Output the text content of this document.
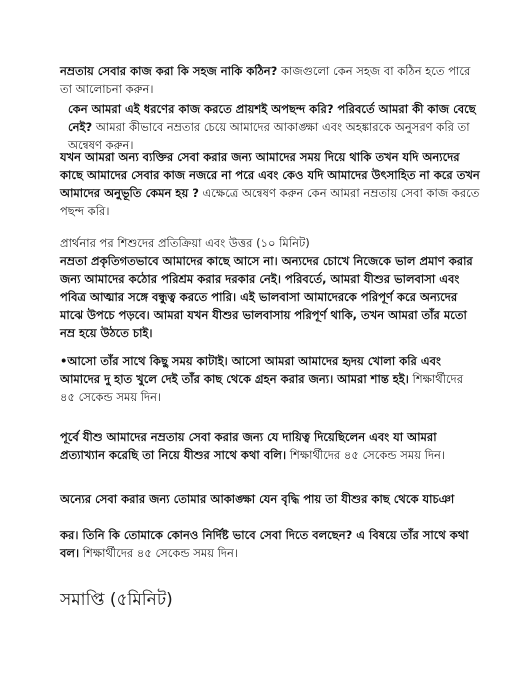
নম্রতায় সেবার কাজ করা কি সহজ নাকি কঠিন? কাজগুলো কেন সহজ বা কঠিন হতে পারে তা আলোচনা করুন।

কেন আমরা এই ধরণের কাজ করতে প্রায়শই অপছন্দ করি? পরিবর্তে আমরা কী কাজ বেছে নেই? আমরা কীভাবে নম্রতার চেয়ে আমাদের আকাঙ্ক্ষা এবং অহঙ্কারকে অনুসরণ করি তা অন্বেষণ করুন।

যখন আমরা অন্য ব্যক্তির সেবা করার জন্য আমাদের সময় দিয়ে থাকি তখন যদি অন্যদের কাছে আমাদের সেবার কাজ নজরে না পরে এবং কেও যদি আমাদের উৎসাহিত না করে তখন আমাদের অনুভূতি কেমন হয় ? এক্ষেত্রে অন্বেষণ করুন কেন আমরা নম্রতায় সেবা কাজ করতে পছন্দ করি।

প্রার্থনার পর শিশুদের প্রতিক্রিয়া এবং উত্তর (১০ মিনিট)

নম্রতা প্রকৃতিগতভাবে আমাদের কাছে আসে না। অন্যদের চোখে নিজেকে ভাল প্রমাণ করার জন্য আমাদের কঠোর পরিশ্রম করার দরকার নেই। পরিবর্তে, আমরা যীশুর ভালবাসা এবং পবিত্র আত্মার সঙ্গে বন্ধুত্ব করতে পারি। এই ভালবাসা আমাদেরকে পরিপূর্ণ করে অন্যদের মাঝে উপচে পড়বে। আমরা যখন যীশুর ভালবাসায় পরিপূর্ণ থাকি, তখন আমরা তাঁর মতো নম্র হয়ে উঠতে চাই।

•আসো তাঁর সাথে কিছু সময় কাটাই। আসো আমরা আমাদের হৃদয় খোলা করি এবং আমাদের দু হাত খুলে দেই তাঁর কাছ থেকে গ্রহন করার জন্য। আমরা শান্ত হই। শিক্ষার্থীদের ৪৫ সেকেন্ড সময় দিন।

পূর্বে যীশু আমাদের নম্রতায় সেবা করার জন্য যে দায়িত্ব দিয়েছিলেন এবং যা আমরা প্রত্যাখ্যান করেছি তা নিয়ে যীশুর সাথে কথা বলি। শিক্ষার্থীদের ৪৫ সেকেন্ড সময় দিন।

অন্যের সেবা করার জন্য তোমার আকাঙ্ক্ষা যেন বৃদ্ধি পায় তা যীশুর কাছ থেকে যাচঞা

কর। তিনি কি তোমাকে কোনও নির্দিষ্ট ভাবে সেবা দিতে বলছেন? এ বিষয়ে তাঁর সাথে কথা বল। শিক্ষার্থীদের ৪৫ সেকেন্ড সময় দিন।

সমাপ্তি (৫মিনিট)
